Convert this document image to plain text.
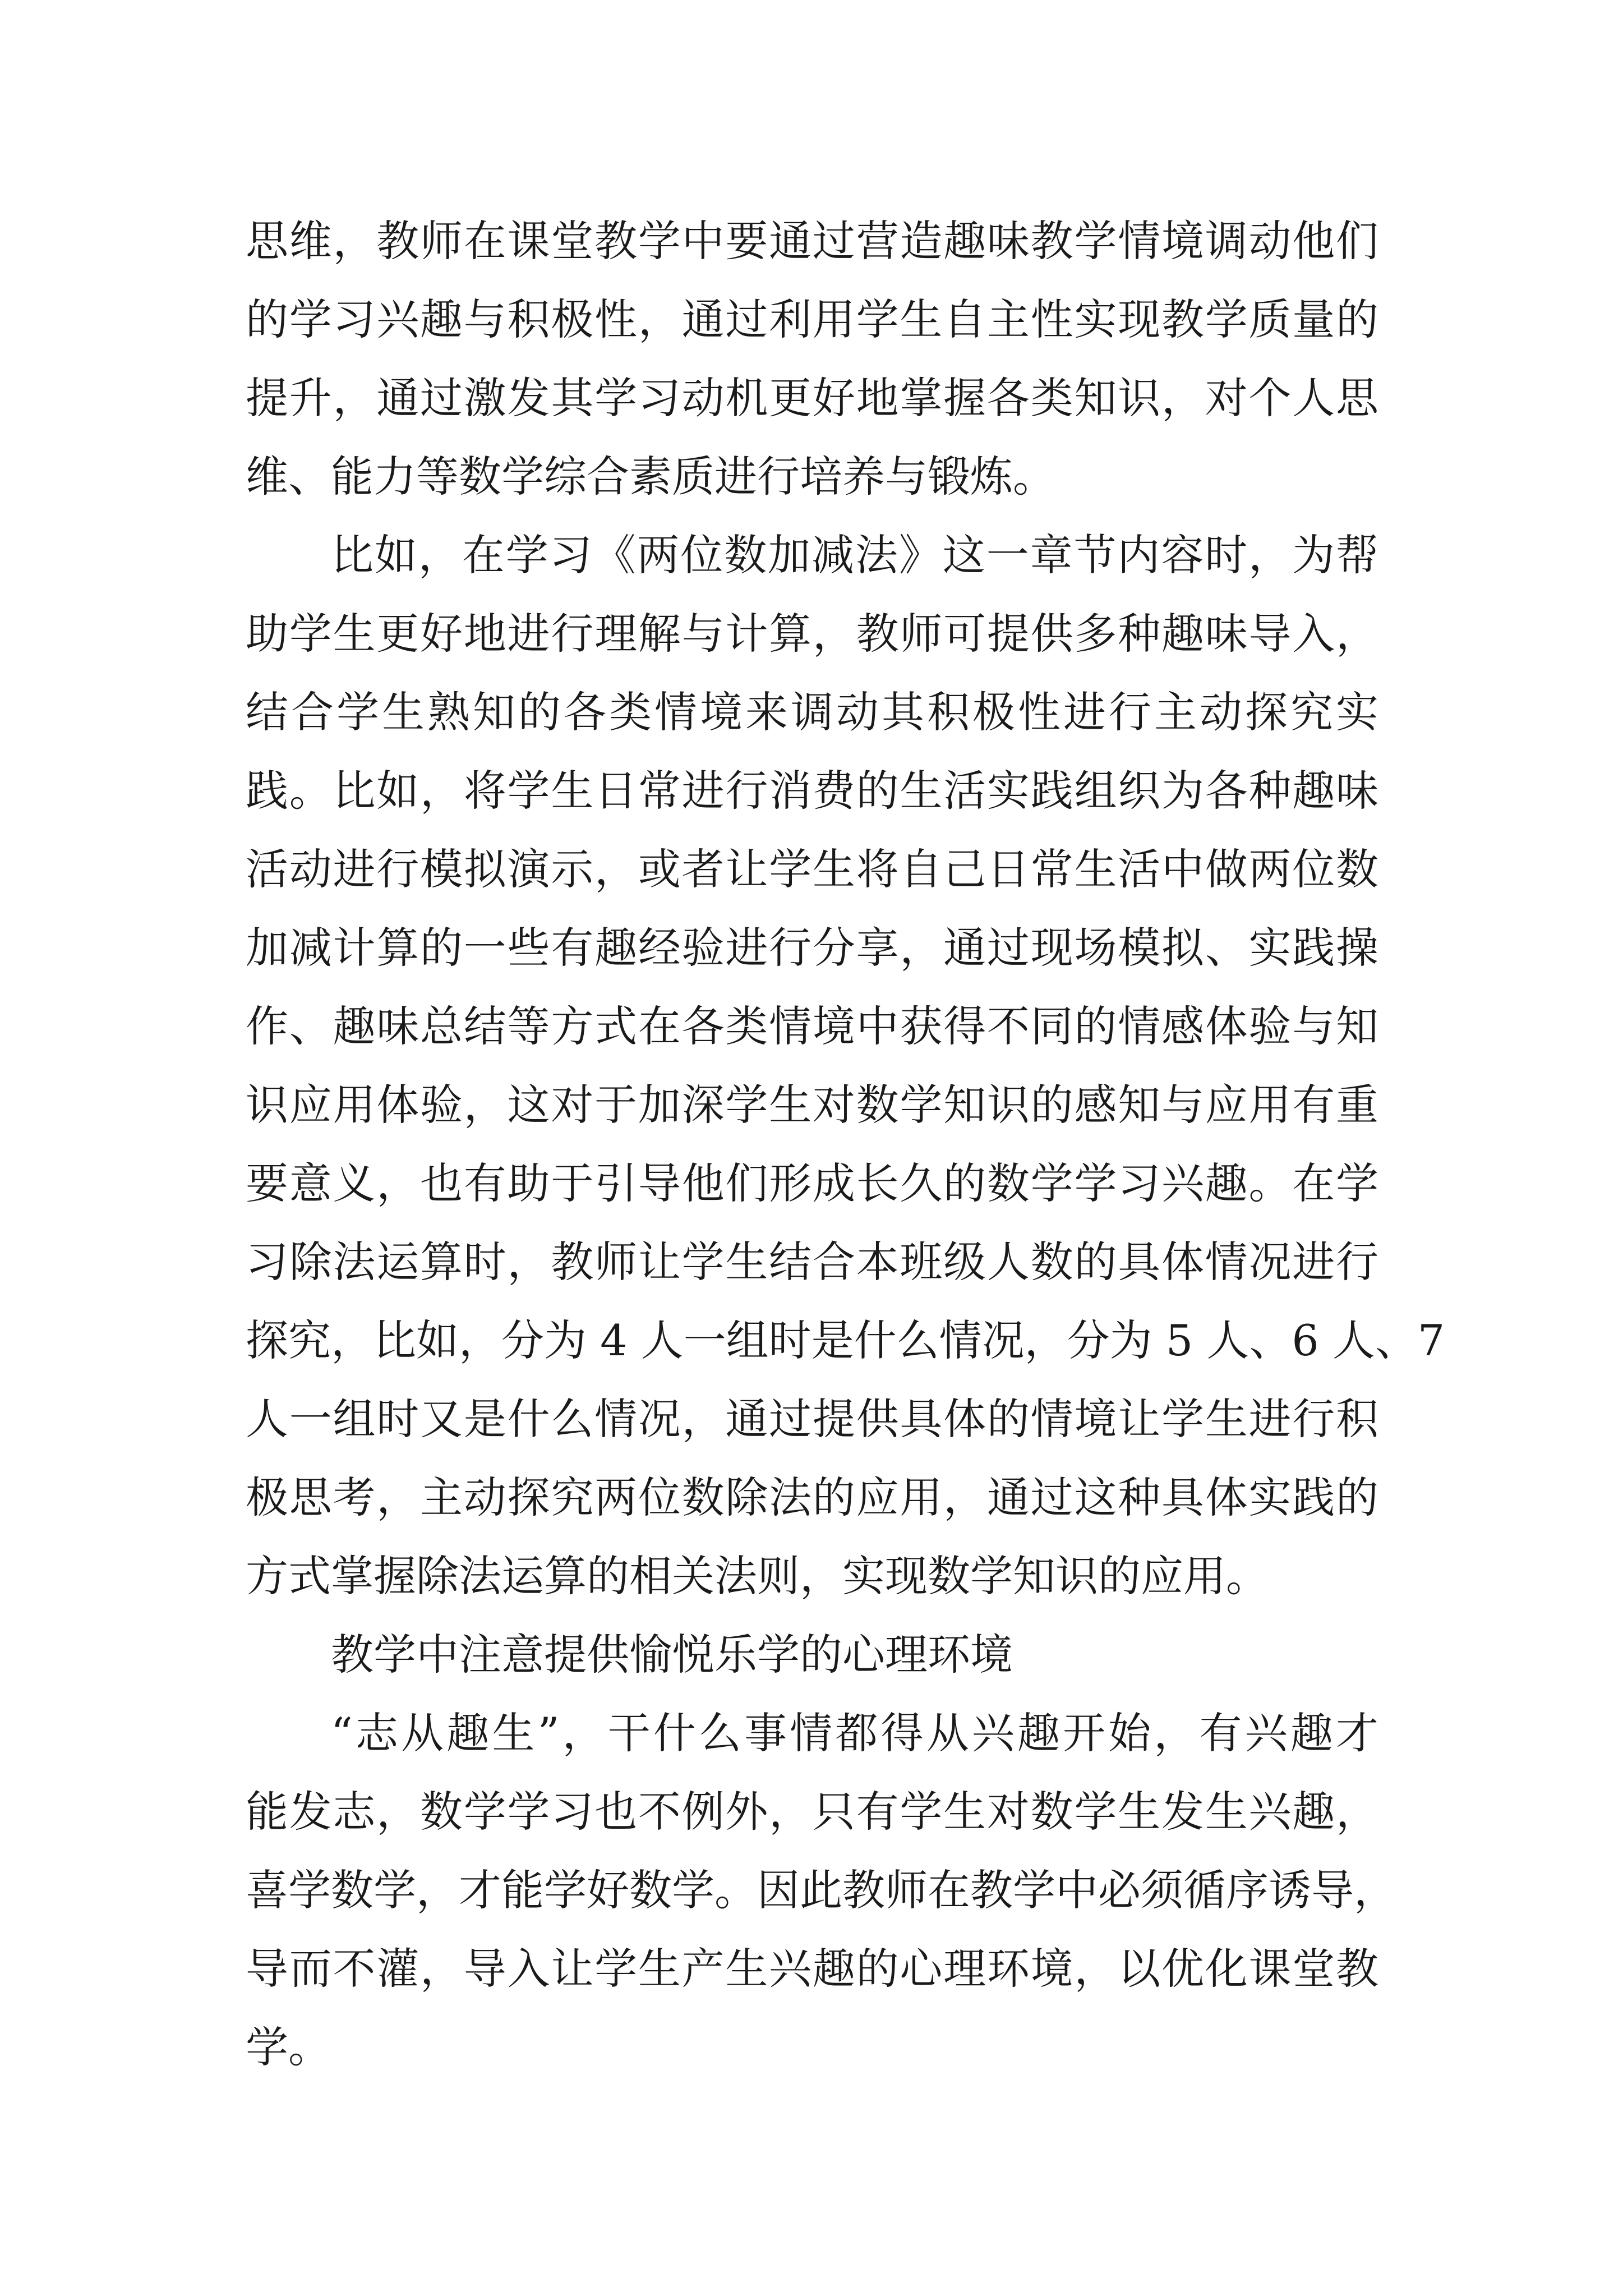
思维，教师在课堂教学中要通过营造趣味教学情境调动他们

的学习兴趣与积极性，通过利用学生自主性实现教学质量的

提升，通过激发其学习动机更好地掌握各类知识，对个人思

维、能力等数学综合素质进行培养与锻炼。

比如，在学习《两位数加减法》这一章节内容时，为帮

助学生更好地进行理解与计算，教师可提供多种趣味导入，

结合学生熟知的各类情境来调动其积极性进行主动探究实

践。比如，将学生日常进行消费的生活实践组织为各种趣味

活动进行模拟演示，或者让学生将自己日常生活中做两位数

加减计算的一些有趣经验进行分享，通过现场模拟、实践操

作、趣味总结等方式在各类情境中获得不同的情感体验与知

识应用体验，这对于加深学生对数学知识的感知与应用有重

要意义，也有助于引导他们形成长久的数学学习兴趣。在学

习除法运算时，教师让学生结合本班级人数的具体情况进行

探究，比如，分为 4 人一组时是什么情况，分为 5 人、6 人、7

人一组时又是什么情况，通过提供具体的情境让学生进行积

极思考，主动探究两位数除法的应用，通过这种具体实践的

方式掌握除法运算的相关法则，实现数学知识的应用。

教学中注意提供愉悦乐学的心理环境

“志从趣生”，干什么事情都得从兴趣开始，有兴趣才

能发志，数学学习也不例外，只有学生对数学生发生兴趣，

喜学数学，才能学好数学。因此教师在教学中必须循序诱导，

导而不灌，导入让学生产生兴趣的心理环境，以优化课堂教

学。
